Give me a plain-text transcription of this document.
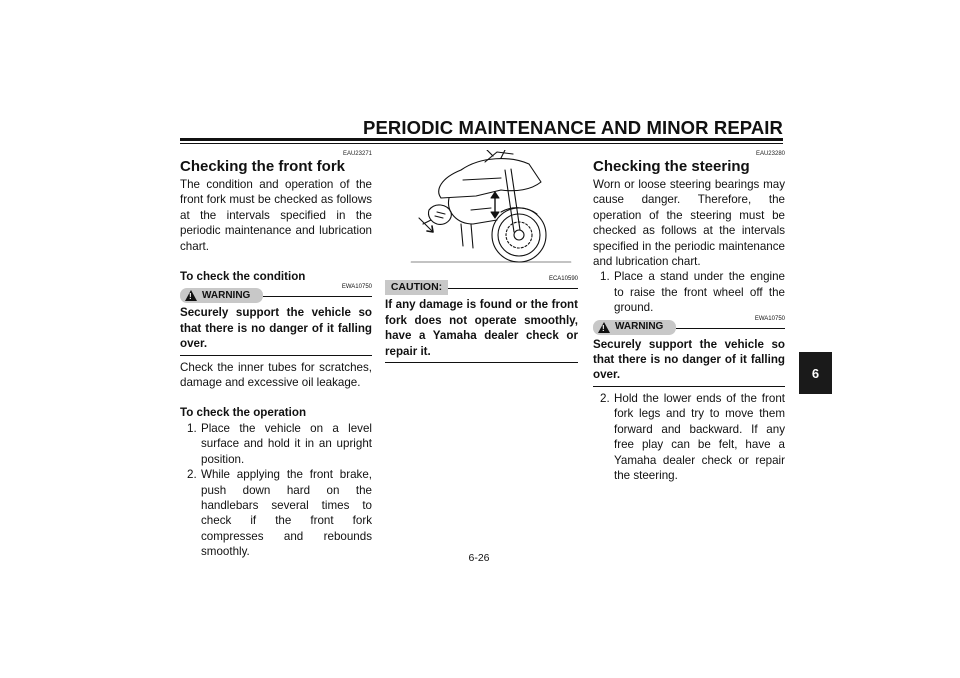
PERIODIC MAINTENANCE AND MINOR REPAIR
6
EAU23271
Checking the front fork

The condition and operation of the front fork must be checked as follows at the intervals specified in the periodic maintenance and lubrication chart.

To check the condition
! WARNING
EWA10750
Securely support the vehicle so that there is no danger of it falling over.

Check the inner tubes for scratches, damage and excessive oil leakage.

To check the operation
1. Place the vehicle on a level surface and hold it in an upright position.
2. While applying the front brake, push down hard on the handlebars several times to check if the front fork compresses and rebounds smoothly.
CAUTION:
ECA10590
If any damage is found or the front fork does not operate smoothly, have a Yamaha dealer check or repair it.
EAU23280
Checking the steering

Worn or loose steering bearings may cause danger. Therefore, the operation of the steering must be checked as follows at the intervals specified in the periodic maintenance and lubrication chart.

1. Place a stand under the engine to raise the front wheel off the ground.
! WARNING
EWA10750
Securely support the vehicle so that there is no danger of it falling over.
2. Hold the lower ends of the front fork legs and try to move them forward and backward. If any free play can be felt, have a Yamaha dealer check or repair the steering.
6-26
